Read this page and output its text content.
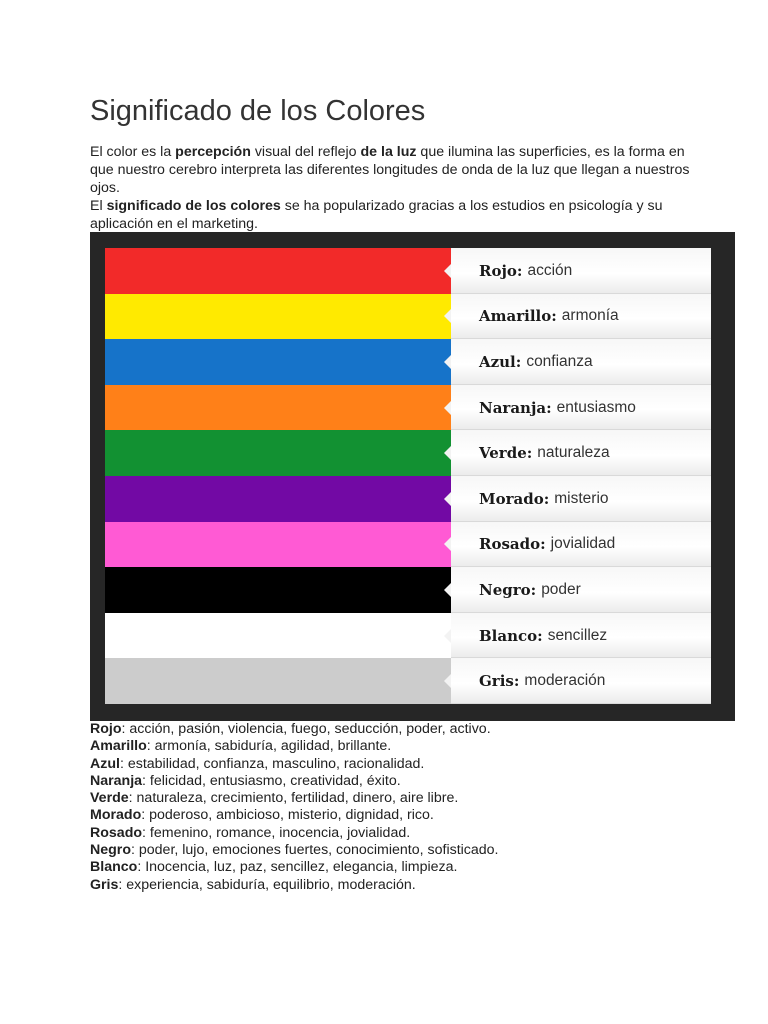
Significado de los Colores

El color es la percepción visual del reflejo de la luz que ilumina las superficies, es la forma en que nuestro cerebro interpreta las diferentes longitudes de onda de la luz que llegan a nuestros ojos.

El significado de los colores se ha popularizado gracias a los estudios en psicología y su aplicación en el marketing.

Rojo: acción
Amarillo: armonía
Azul: confianza
Naranja: entusiasmo
Verde: naturaleza
Morado: misterio
Rosado: jovialidad
Negro: poder
Blanco: sencillez
Gris: moderación
Rojo: acción, pasión, violencia, fuego, seducción, poder, activo.
Amarillo: armonía, sabiduría, agilidad, brillante.
Azul: estabilidad, confianza, masculino, racionalidad.
Naranja: felicidad, entusiasmo, creatividad, éxito.
Verde: naturaleza, crecimiento, fertilidad, dinero, aire libre.
Morado: poderoso, ambicioso, misterio, dignidad, rico.
Rosado: femenino, romance, inocencia, jovialidad.
Negro: poder, lujo, emociones fuertes, conocimiento, sofisticado.
Blanco: Inocencia, luz, paz, sencillez, elegancia, limpieza.
Gris: experiencia, sabiduría, equilibrio, moderación.
